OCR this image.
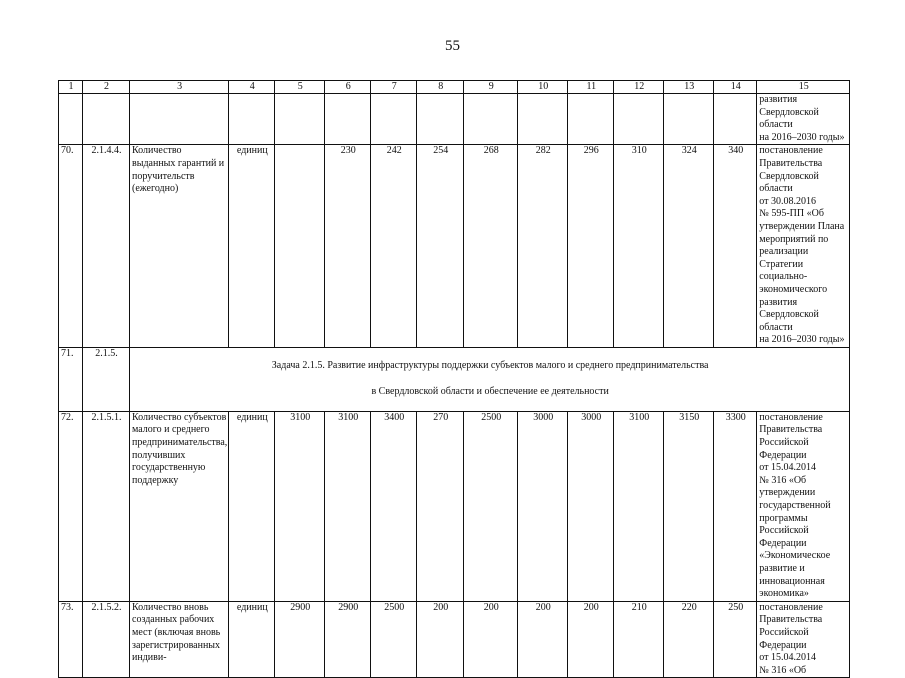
55
1	2	3	4	5	6	7	8	9	10	11	12	13	14	15
														развития Свердловской области
на 2016–2030 годы»
70.	2.1.4.4.	Количество выданных гарантий и поручительств (ежегодно)	единиц		230	242	254	268	282	296	310	324	340	постановление Правительства Свердловской области
от 30.08.2016
№ 595-ПП «Об утверждении Плана мероприятий по реализации Стратегии социально-экономического развития Свердловской области
на 2016–2030 годы»
71.	2.1.5.	Задача 2.1.5. Развитие инфраструктуры поддержки субъектов малого и среднего предпринимательства

в Свердловской области и обеспечение ее деятельности												

72.	2.1.5.1.	Количество субъектов малого и среднего предпринимательства, получивших государственную поддержку	единиц	3100	3100	3400	270	2500	3000	3000	3100	3150	3300	постановление Правительства Российской Федерации
от 15.04.2014
№ 316 «Об утверждении государственной программы Российской Федерации «Экономическое развитие и инновационная экономика»
73.	2.1.5.2.	Количество вновь созданных рабочих мест (включая вновь зарегистрированных индиви-	единиц	2900	2900	2500	200	200	200	200	210	220	250	постановление Правительства Российской Федерации
от 15.04.2014
№ 316 «Об
